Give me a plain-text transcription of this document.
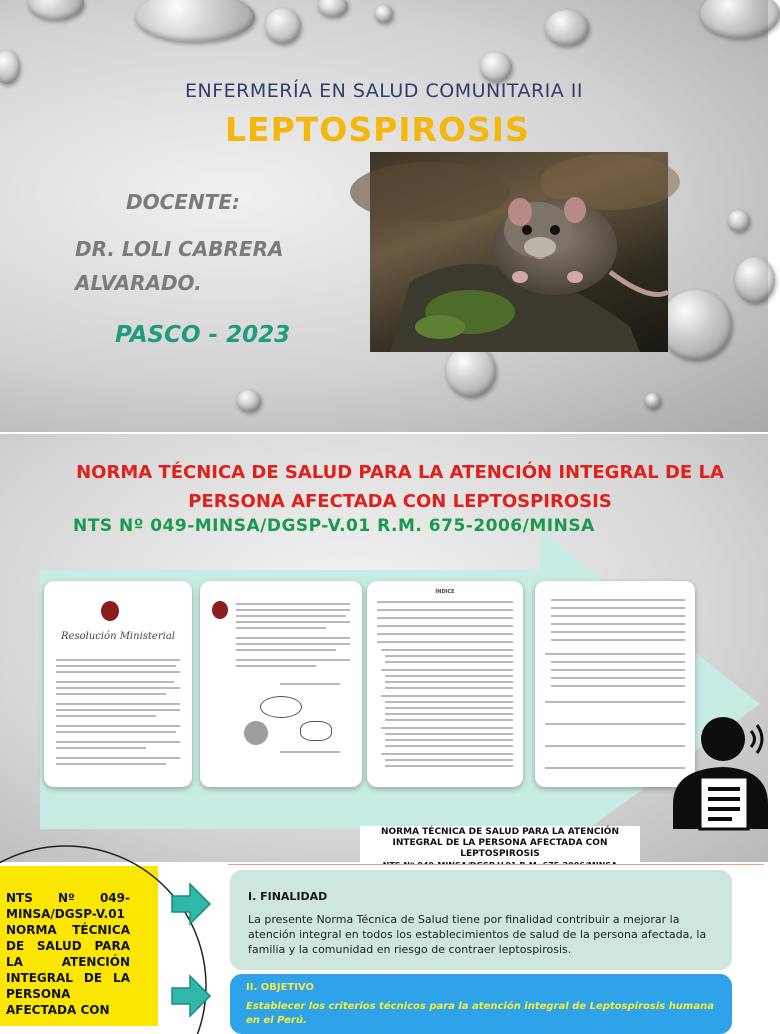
ENFERMERÍA EN SALUD COMUNITARIA II
LEPTOSPIROSIS
DOCENTE:
DR. LOLI CABRERA ALVARADO.
PASCO - 2023
NORMA TÉCNICA DE SALUD PARA LA ATENCIÓN INTEGRAL DE LA PERSONA AFECTADA CON LEPTOSPIROSIS
NTS Nº 049-MINSA/DGSP-V.01 R.M. 675-2006/MINSA
Resolución Ministerial
ÍNDICE
NORMA TÉCNICA DE SALUD PARA LA ATENCIÓN INTEGRAL DE LA PERSONA AFECTADA CON LEPTOSPIROSIS
NTS Nº 049-MINSA/DGSP-V.01 NORMA TÉCNICA DE SALUD PARA LA ATENCIÓN INTEGRAL DE LA PERSONA AFECTADA CON
I. FINALIDAD
La presente Norma Técnica de Salud tiene por finalidad contribuir a mejorar la atención integral en todos los establecimientos de salud de la persona afectada, la familia y la comunidad en riesgo de contraer leptospirosis.
II. OBJETIVO
Establecer los criterios técnicos para la atención integral de Leptospirosis humana en el Perú.
